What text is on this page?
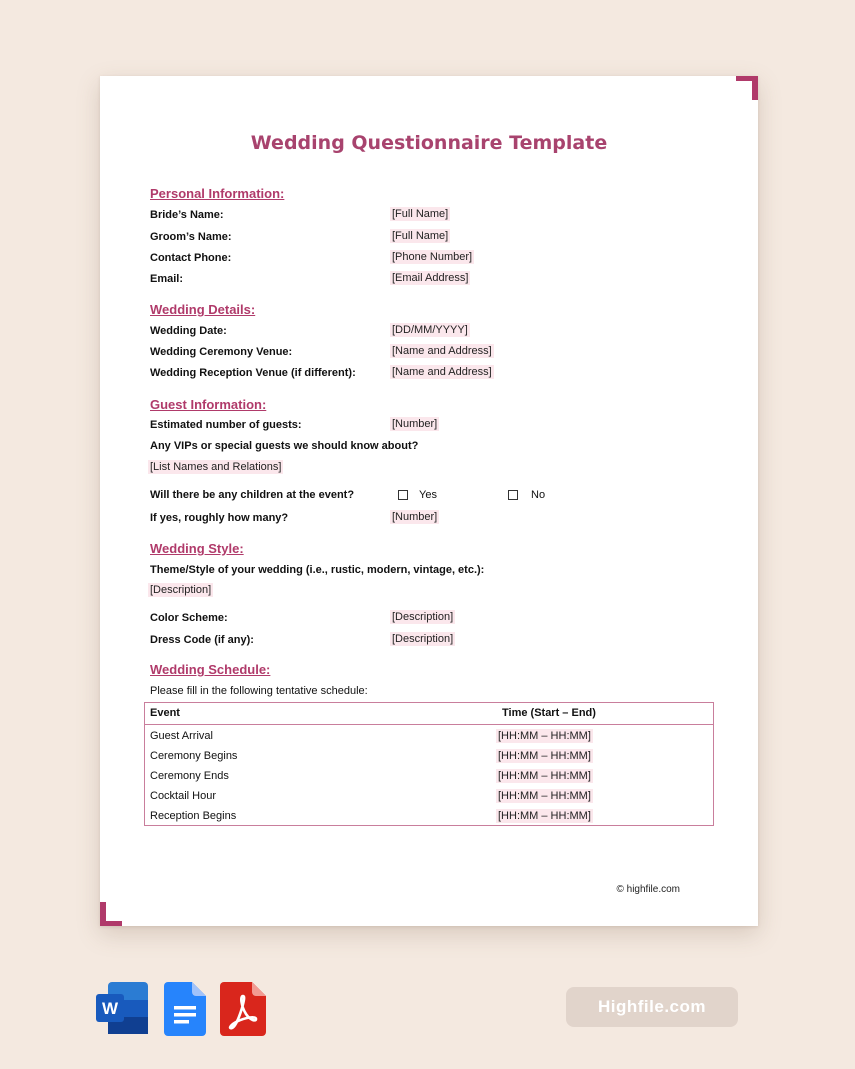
Wedding Questionnaire Template
Personal Information:
Bride’s Name:	[Full Name]
Groom’s Name:	[Full Name]
Contact Phone:	[Phone Number]
Email:	[Email Address]
Wedding Details:
Wedding Date:	[DD/MM/YYYY]
Wedding Ceremony Venue:	[Name and Address]
Wedding Reception Venue (if different):	[Name and Address]
Guest Information:
Estimated number of guests:	[Number]
Any VIPs or special guests we should know about?
[List Names and Relations]
Will there be any children at the event?	Yes	No
If yes, roughly how many?	[Number]
Wedding Style:
Theme/Style of your wedding (i.e., rustic, modern, vintage, etc.):
[Description]
Color Scheme:	[Description]
Dress Code (if any):	[Description]
Wedding Schedule:
Please fill in the following tentative schedule:
Event	Time (Start – End)
Guest Arrival	[HH:MM – HH:MM]
Ceremony Begins	[HH:MM – HH:MM]
Ceremony Ends	[HH:MM – HH:MM]
Cocktail Hour	[HH:MM – HH:MM]
Reception Begins	[HH:MM – HH:MM]
© highfile.com
W	Highfile.com
